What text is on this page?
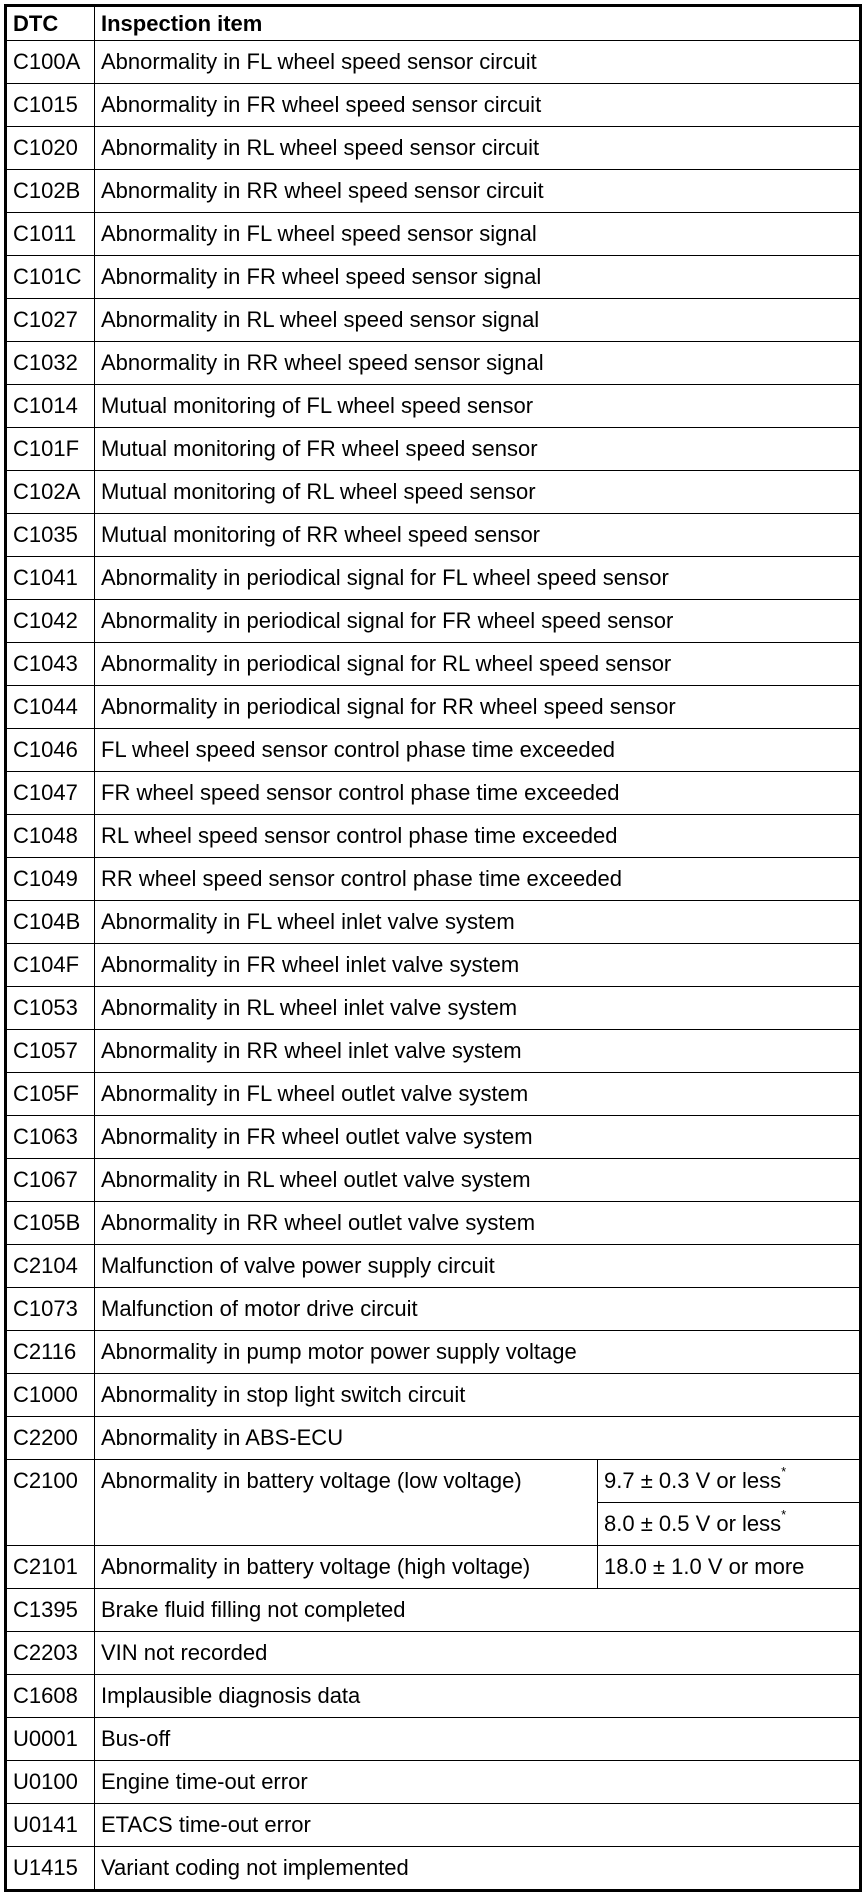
DTC	Inspection item	
C100A	Abnormality in FL wheel speed sensor circuit	
C1015	Abnormality in FR wheel speed sensor circuit	
C1020	Abnormality in RL wheel speed sensor circuit	
C102B	Abnormality in RR wheel speed sensor circuit	
C1011	Abnormality in FL wheel speed sensor signal	
C101C	Abnormality in FR wheel speed sensor signal	
C1027	Abnormality in RL wheel speed sensor signal	
C1032	Abnormality in RR wheel speed sensor signal	
C1014	Mutual monitoring of FL wheel speed sensor	
C101F	Mutual monitoring of FR wheel speed sensor	
C102A	Mutual monitoring of RL wheel speed sensor	
C1035	Mutual monitoring of RR wheel speed sensor	
C1041	Abnormality in periodical signal for FL wheel speed sensor	
C1042	Abnormality in periodical signal for FR wheel speed sensor	
C1043	Abnormality in periodical signal for RL wheel speed sensor	
C1044	Abnormality in periodical signal for RR wheel speed sensor	
C1046	FL wheel speed sensor control phase time exceeded	
C1047	FR wheel speed sensor control phase time exceeded	
C1048	RL wheel speed sensor control phase time exceeded	
C1049	RR wheel speed sensor control phase time exceeded	
C104B	Abnormality in FL wheel inlet valve system	
C104F	Abnormality in FR wheel inlet valve system	
C1053	Abnormality in RL wheel inlet valve system	
C1057	Abnormality in RR wheel inlet valve system	
C105F	Abnormality in FL wheel outlet valve system	
C1063	Abnormality in FR wheel outlet valve system	
C1067	Abnormality in RL wheel outlet valve system	
C105B	Abnormality in RR wheel outlet valve system	
C2104	Malfunction of valve power supply circuit	
C1073	Malfunction of motor drive circuit	
C2116	Abnormality in pump motor power supply voltage	
C1000	Abnormality in stop light switch circuit	
C2200	Abnormality in ABS-ECU	
C2100	Abnormality in battery voltage (low voltage)	9.7 ± 0.3 V or less*
		8.0 ± 0.5 V or less*
C2101	Abnormality in battery voltage (high voltage)	18.0 ± 1.0 V or more
C1395	Brake fluid filling not completed	
C2203	VIN not recorded	
C1608	Implausible diagnosis data	
U0001	Bus-off	
U0100	Engine time-out error	
U0141	ETACS time-out error	
U1415	Variant coding not implemented	
